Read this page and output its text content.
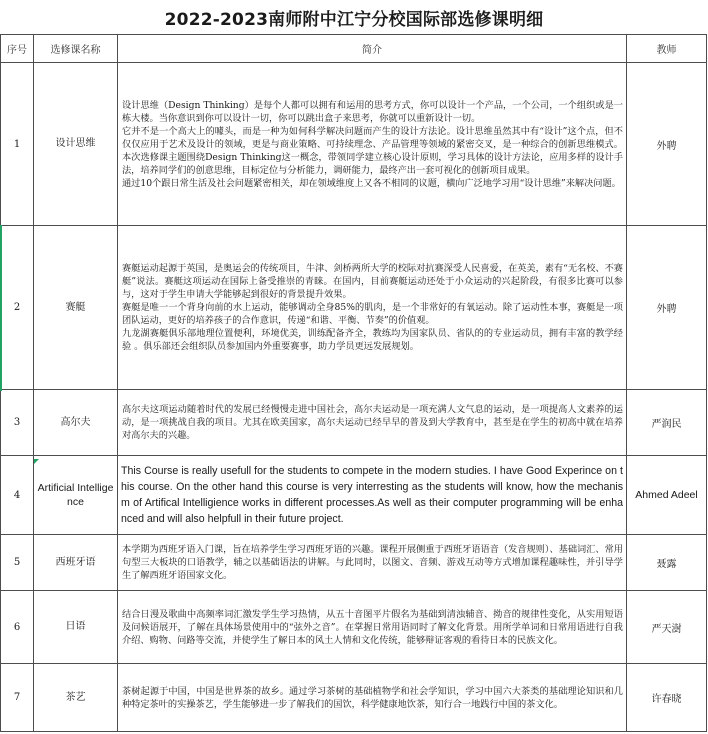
2022-2023南师附中江宁分校国际部选修课明细
序号	选修课名称	简介	教师
1	设计思维	设计思维（Design Thinking）是每个人都可以拥有和运用的思考方式，你可以设计一个产品，一个公司，一个组织或是一栋大楼。当你意识到你可以设计一切，你可以跳出盒子来思考，你就可以重新设计一切。

它并不是一个高大上的噱头，而是一种为如何科学解决问题而产生的设计方法论。设计思维虽然其中有“设计”这个点，但不仅仅应用于艺术及设计的领域，更是与商业策略、可持续理念、产品管理等领域的紧密交叉，是一种综合的创新思维模式。本次选修课主题围绕Design Thinking这一概念，带领同学建立核心设计原则，学习具体的设计方法论，应用多样的设计手法，培养同学们的创意思维，目标定位与分析能力，调研能力，最终产出一套可视化的创新项目成果。

通过10个跟日常生活及社会问题紧密相关，却在领域维度上又各不相同的议题，横向广泛地学习用“设计思维”来解决问题。	外聘
2	赛艇	赛艇运动起源于英国，是奥运会的传统项目，牛津、剑桥两所大学的校际对抗赛深受人民喜爱，在英美，素有“无名校、不赛艇”说法。赛艇这项运动在国际上备受推崇的青睐。在国内，目前赛艇运动还处于小众运动的兴起阶段，有很多比赛可以参与，这对于学生申请大学能够起到很好的背景提升效果。

赛艇是唯一一个背身向前的水上运动，能够调动全身85%的肌肉，是一个非常好的有氧运动。除了运动性本事，赛艇是一项团队运动，更好的培养孩子的合作意识，传递“和谐、平衡、节奏”的价值观。

九龙湖赛艇俱乐部地理位置便利，环境优美，训练配备齐全，教练均为国家队员、省队的的专业运动员，拥有丰富的教学经验 。俱乐部还会组织队员参加国内外重要赛事，助力学员更远发展规划。	外聘
3	高尔夫	高尔夫这项运动随着时代的发展已经慢慢走进中国社会，高尔夫运动是一项充满人文气息的运动，是一项提高人文素养的运动，是一项挑战自我的项目。尤其在欧美国家，高尔夫运动已经早早的普及到大学教育中，甚至是在学生的初高中就在培养对高尔夫的兴趣。	严润民
4	Artificial Intelligence	This Course is really usefull for the students to compete in the modern studies. I have Good Experince on this course. On the other hand this course is very interresting as the students will know, how the mechanism of Artifical Intelligience works in different processes.As well as their computer programming will be enhanced and will also helpfull in their future project.	Ahmed Adeel
5	西班牙语	本学期为西班牙语入门课，旨在培养学生学习西班牙语的兴趣。课程开展侧重于西班牙语语音（发音规则）、基础词汇、常用句型三大板块的口语教学，辅之以基础语法的讲解。与此同时，以图文、音频、游戏互动等方式增加课程趣味性，并引导学生了解西班牙语国家文化。	聂露
6	日语	结合日漫及歌曲中高频率词汇激发学生学习热情，从五十音图平片假名为基础到清浊辅音、拗音的规律性变化，从实用短语及问候语展开，了解在具体场景使用中的“弦外之音”。在掌握日常用语同时了解文化背景。用所学单词和日常用语进行自我介绍、购物、问路等交流，并使学生了解日本的风土人情和文化传统，能够辩证客观的看待日本的民族文化。	严天澍
7	茶艺	茶树起源于中国，中国是世界茶的故乡。通过学习茶树的基础植物学和社会学知识，学习中国六大茶类的基础理论知识和几种特定茶叶的实操茶艺，学生能够进一步了解我们的国饮，科学健康地饮茶，知行合一地践行中国的茶文化。	许春晓
